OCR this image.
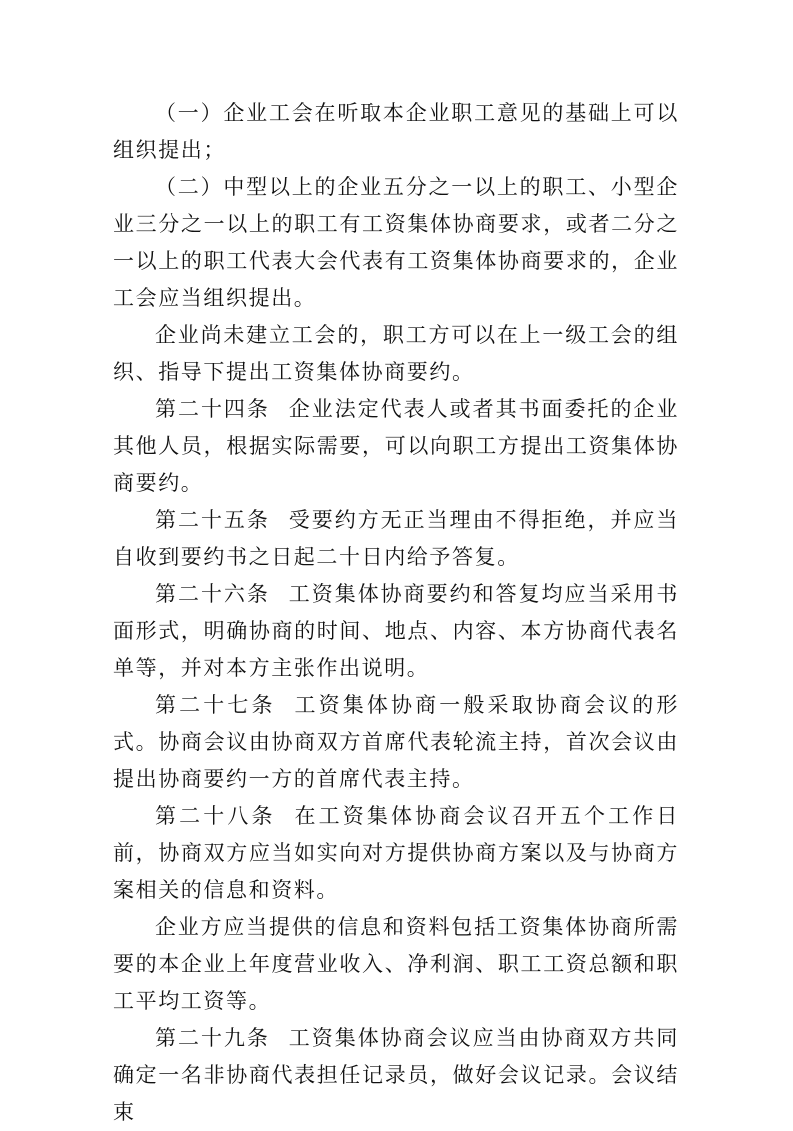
（一）企业工会在听取本企业职工意见的基础上可以组织提出；

（二）中型以上的企业五分之一以上的职工、小型企业三分之一以上的职工有工资集体协商要求，或者二分之一以上的职工代表大会代表有工资集体协商要求的，企业工会应当组织提出。

企业尚未建立工会的，职工方可以在上一级工会的组织、指导下提出工资集体协商要约。

第二十四条 企业法定代表人或者其书面委托的企业其他人员，根据实际需要，可以向职工方提出工资集体协商要约。

第二十五条 受要约方无正当理由不得拒绝，并应当自收到要约书之日起二十日内给予答复。

第二十六条 工资集体协商要约和答复均应当采用书面形式，明确协商的时间、地点、内容、本方协商代表名单等，并对本方主张作出说明。

第二十七条 工资集体协商一般采取协商会议的形式。协商会议由协商双方首席代表轮流主持，首次会议由提出协商要约一方的首席代表主持。

第二十八条 在工资集体协商会议召开五个工作日前，协商双方应当如实向对方提供协商方案以及与协商方案相关的信息和资料。

企业方应当提供的信息和资料包括工资集体协商所需要的本企业上年度营业收入、净利润、职工工资总额和职工平均工资等。

第二十九条 工资集体协商会议应当由协商双方共同确定一名非协商代表担任记录员，做好会议记录。会议结束
